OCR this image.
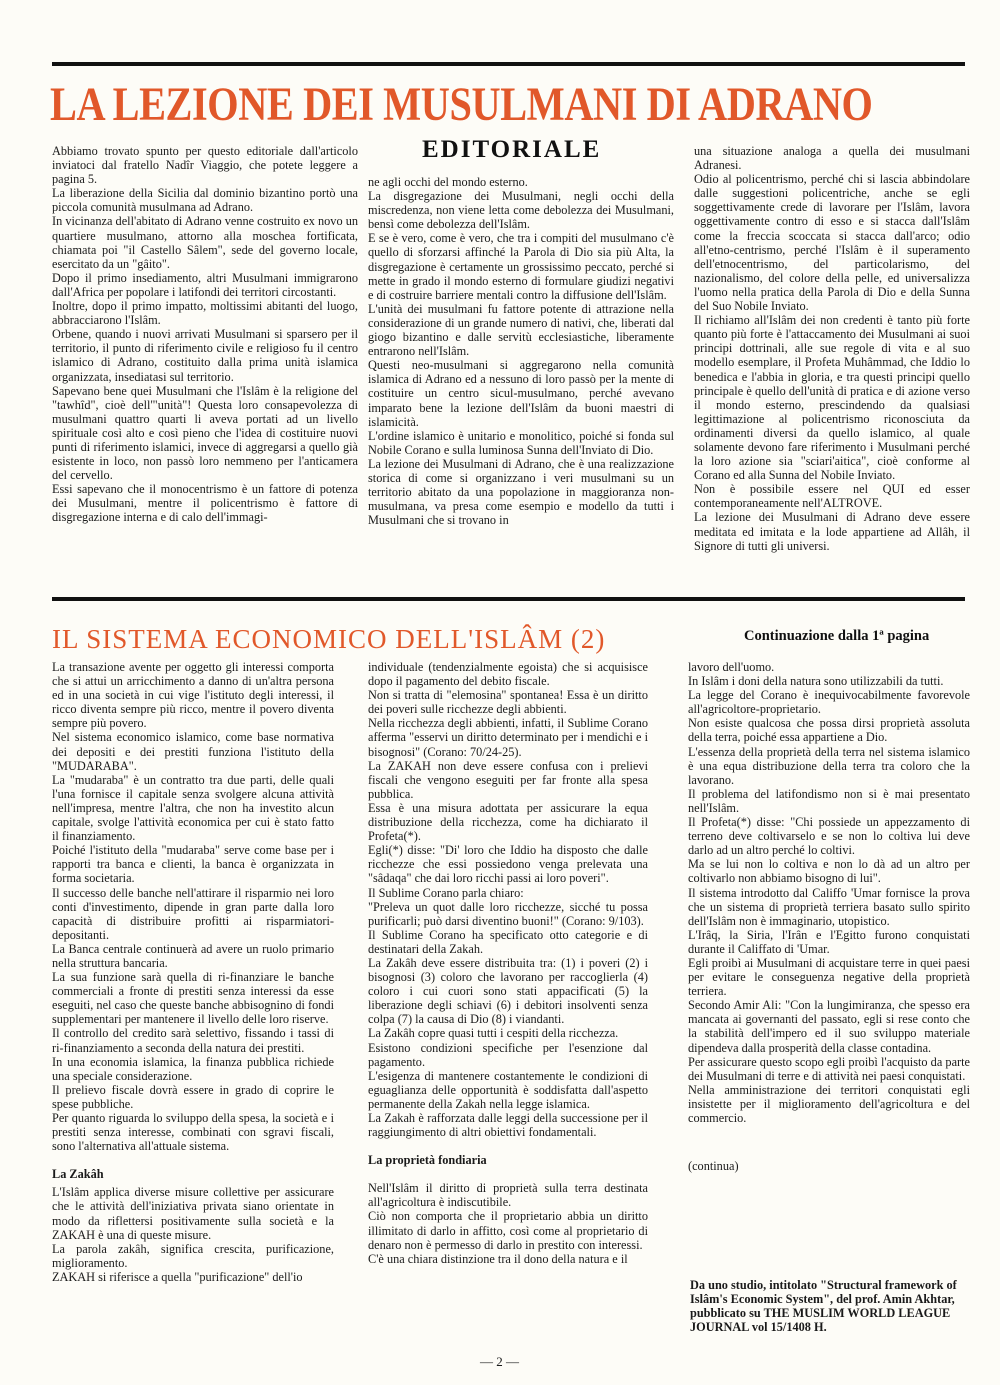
LA LEZIONE DEI MUSULMANI DI ADRANO
EDITORIALE

Abbiamo trovato spunto per questo editoriale dall'articolo inviatoci dal fratello Nadîr Viaggio, che potete leggere a pagina 5.

La liberazione della Sicilia dal dominio bizantino portò una piccola comunità musulmana ad Adrano.

In vicinanza dell'abitato di Adrano venne costruito ex novo un quartiere musulmano, attorno alla moschea fortificata, chiamata poi "il Castello Sâlem", sede del governo locale, esercitato da un "gâito".

Dopo il primo insediamento, altri Musulmani immigrarono dall'Africa per popolare i latifondi dei territori circostanti.

Inoltre, dopo il primo impatto, moltissimi abitanti del luogo, abbracciarono l'Islâm.

Orbene, quando i nuovi arrivati Musulmani si sparsero per il territorio, il punto di riferimento civile e religioso fu il centro islamico di Adrano, costituito dalla prima unità islamica organizzata, insediatasi sul territorio.

Sapevano bene quei Musulmani che l'Islâm è la religione del "tawhîd", cioè dell'"unità"! Questa loro consapevolezza di musulmani quattro quarti li aveva portati ad un livello spirituale così alto e così pieno che l'idea di costituire nuovi punti di riferimento islamici, invece di aggregarsi a quello già esistente in loco, non passò loro nemmeno per l'anticamera del cervello.

Essi sapevano che il monocentrismo è un fattore di potenza dei Musulmani, mentre il policentrismo è fattore di disgregazione interna e di calo dell'immagi-

ne agli occhi del mondo esterno.

La disgregazione dei Musulmani, negli occhi della miscredenza, non viene letta come debolezza dei Musulmani, bensì come debolezza dell'Islâm.

E se è vero, come è vero, che tra i compiti del musulmano c'è quello di sforzarsi affinché la Parola di Dio sia più Alta, la disgregazione è certamente un grossissimo peccato, perché si mette in grado il mondo esterno di formulare giudizi negativi e di costruire barriere mentali contro la diffusione dell'Islâm.

L'unità dei musulmani fu fattore potente di attrazione nella considerazione di un grande numero di nativi, che, liberati dal giogo bizantino e dalle servitù ecclesiastiche, liberamente entrarono nell'Islâm.

Questi neo-musulmani si aggregarono nella comunità islamica di Adrano ed a nessuno di loro passò per la mente di costituire un centro sicul-musulmano, perché avevano imparato bene la lezione dell'Islâm da buoni maestri di islamicità.

L'ordine islamico è unitario e monolitico, poiché si fonda sul Nobile Corano e sulla luminosa Sunna dell'Inviato di Dio.

La lezione dei Musulmani di Adrano, che è una realizzazione storica di come si organizzano i veri musulmani su un territorio abitato da una popolazione in maggioranza non-musulmana, va presa come esempio e modello da tutti i Musulmani che si trovano in

una situazione analoga a quella dei musulmani Adranesi.

Odio al policentrismo, perché chi si lascia abbindolare dalle suggestioni policentriche, anche se egli soggettivamente crede di lavorare per l'Islâm, lavora oggettivamente contro di esso e si stacca dall'Islâm come la freccia scoccata si stacca dall'arco; odio all'etno-centrismo, perché l'Islâm è il superamento dell'etnocentrismo, del particolarismo, del nazionalismo, del colore della pelle, ed universalizza l'uomo nella pratica della Parola di Dio e della Sunna del Suo Nobile Inviato.

Il richiamo all'Islâm dei non credenti è tanto più forte quanto più forte è l'attaccamento dei Musulmani ai suoi principi dottrinali, alle sue regole di vita e al suo modello esemplare, il Profeta Muhâmmad, che Iddio lo benedica e l'abbia in gloria, e tra questi principi quello principale è quello dell'unità di pratica e di azione verso il mondo esterno, prescindendo da qualsiasi legittimazione al policentrismo riconosciuta da ordinamenti diversi da quello islamico, al quale solamente devono fare riferimento i Musulmani perché la loro azione sia "sciari'aitica", cioè conforme al Corano ed alla Sunna del Nobile Inviato.

Non è possibile essere nel QUI ed esser contemporaneamente nell'ALTROVE.

La lezione dei Musulmani di Adrano deve essere meditata ed imitata e la lode appartiene ad Allâh, il Signore di tutti gli universi.

IL SISTEMA ECONOMICO DELL'ISLÂM (2)	Continuazione dalla 1ª pagina

La transazione avente per oggetto gli interessi comporta che si attui un arricchimento a danno di un'altra persona ed in una società in cui vige l'istituto degli interessi, il ricco diventa sempre più ricco, mentre il povero diventa sempre più povero.

Nel sistema economico islamico, come base normativa dei depositi e dei prestiti funziona l'istituto della "MUDARABA".

La "mudaraba" è un contratto tra due parti, delle quali l'una fornisce il capitale senza svolgere alcuna attività nell'impresa, mentre l'altra, che non ha investito alcun capitale, svolge l'attività economica per cui è stato fatto il finanziamento.

Poiché l'istituto della "mudaraba" serve come base per i rapporti tra banca e clienti, la banca è organizzata in forma societaria.

Il successo delle banche nell'attirare il risparmio nei loro conti d'investimento, dipende in gran parte dalla loro capacità di distribuire profitti ai risparmiatori-depositanti.

La Banca centrale continuerà ad avere un ruolo primario nella struttura bancaria.

La sua funzione sarà quella di ri-finanziare le banche commerciali a fronte di prestiti senza interessi da esse eseguiti, nel caso che queste banche abbisognino di fondi supplementari per mantenere il livello delle loro riserve.

Il controllo del credito sarà selettivo, fissando i tassi di ri-finanziamento a seconda della natura dei prestiti.

In una economia islamica, la finanza pubblica richiede una speciale considerazione.

Il prelievo fiscale dovrà essere in grado di coprire le spese pubbliche.

Per quanto riguarda lo sviluppo della spesa, la società e i prestiti senza interesse, combinati con sgravi fiscali, sono l'alternativa all'attuale sistema.

La Zakâh

L'Islâm applica diverse misure collettive per assicurare che le attività dell'iniziativa privata siano orientate in modo da riflettersi positivamente sulla società e la ZAKAH è una di queste misure.

La parola zakâh, significa crescita, purificazione, miglioramento.

ZAKAH si riferisce a quella "purificazione" dell'io

individuale (tendenzialmente egoista) che si acquisisce dopo il pagamento del debito fiscale.

Non si tratta di "elemosina" spontanea! Essa è un diritto dei poveri sulle ricchezze degli abbienti.

Nella ricchezza degli abbienti, infatti, il Sublime Corano afferma "esservi un diritto determinato per i mendichi e i bisognosi" (Corano: 70/24-25).

La ZAKAH non deve essere confusa con i prelievi fiscali che vengono eseguiti per far fronte alla spesa pubblica.

Essa è una misura adottata per assicurare la equa distribuzione della ricchezza, come ha dichiarato il Profeta(*).

Egli(*) disse: "Di' loro che Iddio ha disposto che dalle ricchezze che essi possiedono venga prelevata una "sâdaqa" che dai loro ricchi passi ai loro poveri".

Il Sublime Corano parla chiaro:

"Preleva un quot dalle loro ricchezze, sicché tu possa purificarli; può darsi diventino buoni!" (Corano: 9/103).

Il Sublime Corano ha specificato otto categorie e di destinatari della Zakah.

La Zakâh deve essere distribuita tra: (1) i poveri (2) i bisognosi (3) coloro che lavorano per raccoglierla (4) coloro i cui cuori sono stati appacificati (5) la liberazione degli schiavi (6) i debitori insolventi senza colpa (7) la causa di Dio (8) i viandanti.

La Zakâh copre quasi tutti i cespiti della ricchezza.

Esistono condizioni specifiche per l'esenzione dal pagamento.

L'esigenza di mantenere costantemente le condizioni di eguaglianza delle opportunità è soddisfatta dall'aspetto permanente della Zakah nella legge islamica.

La Zakah è rafforzata dalle leggi della successione per il raggiungimento di altri obiettivi fondamentali.

La proprietà fondiaria

Nell'Islâm il diritto di proprietà sulla terra destinata all'agricoltura è indiscutibile.

Ciò non comporta che il proprietario abbia un diritto illimitato di darlo in affitto, così come al proprietario di denaro non è permesso di darlo in prestito con interessi.

C'è una chiara distinzione tra il dono della natura e il

lavoro dell'uomo.

In Islâm i doni della natura sono utilizzabili da tutti.

La legge del Corano è inequivocabilmente favorevole all'agricoltore-proprietario.

Non esiste qualcosa che possa dirsi proprietà assoluta della terra, poiché essa appartiene a Dio.

L'essenza della proprietà della terra nel sistema islamico è una equa distribuzione della terra tra coloro che la lavorano.

Il problema del latifondismo non si è mai presentato nell'Islâm.

Il Profeta(*) disse: "Chi possiede un appezzamento di terreno deve coltivarselo e se non lo coltiva lui deve darlo ad un altro perché lo coltivi.

Ma se lui non lo coltiva e non lo dà ad un altro per coltivarlo non abbiamo bisogno di lui".

Il sistema introdotto dal Califfo 'Umar fornisce la prova che un sistema di proprietà terriera basato sullo spirito dell'Islâm non è immaginario, utopistico.

L'Irâq, la Siria, l'Irân e l'Egitto furono conquistati durante il Califfato di 'Umar.

Egli proibì ai Musulmani di acquistare terre in quei paesi per evitare le conseguenza negative della proprietà terriera.

Secondo Amir Ali: "Con la lungimiranza, che spesso era mancata ai governanti del passato, egli si rese conto che la stabilità dell'impero ed il suo sviluppo materiale dipendeva dalla prosperità della classe contadina.

Per assicurare questo scopo egli proibì l'acquisto da parte dei Musulmani di terre e di attività nei paesi conquistati.

Nella amministrazione dei territori conquistati egli insistette per il miglioramento dell'agricoltura e del commercio.

(continua)

Da uno studio, intitolato "Structural framework of Islâm's Economic System", del prof. Amin Akhtar, pubblicato su THE MUSLIM WORLD LEAGUE JOURNAL vol 15/1408 H.

— 2 —
